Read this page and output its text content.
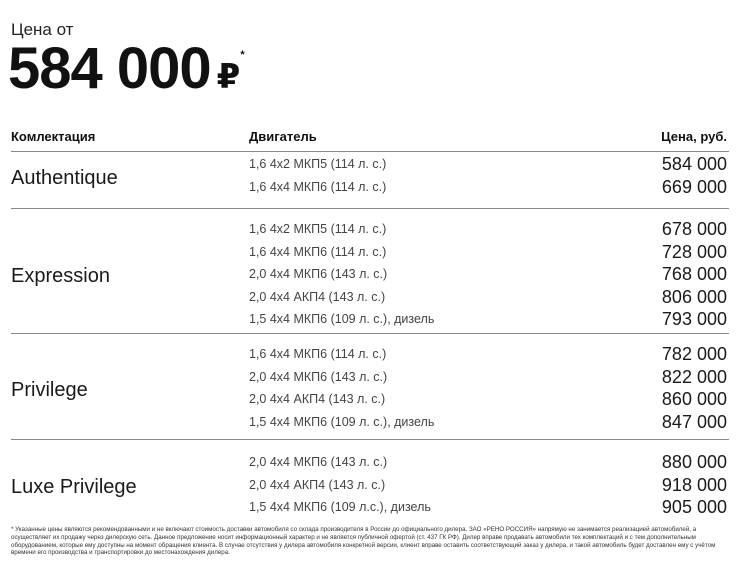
Цена от
584 000 ₽*
Комлектация	Двигатель	Цена, руб.
Authentique
1,6 4x2 МКП5 (114 л. с.)	584 000
1,6 4x4 МКП6 (114 л. с.)	669 000
Expression
1,6 4x2 МКП5 (114 л. с.)	678 000
1,6 4x4 МКП6 (114 л. с.)	728 000
2,0 4x4 МКП6 (143 л. с.)	768 000
2,0 4x4 АКП4 (143 л. с.)	806 000
1,5 4x4 МКП6 (109 л. с.), дизель	793 000
Privilege
1,6 4x4 МКП6 (114 л. с.)	782 000
2,0 4x4 МКП6 (143 л. с.)	822 000
2,0 4x4 АКП4 (143 л. с.)	860 000
1,5 4x4 МКП6 (109 л. с.), дизель	847 000
Luxe Privilege
2,0 4x4 МКП6 (143 л. с.)	880 000
2,0 4x4 АКП4 (143 л. с.)	918 000
1,5 4x4 МКП6 (109 л.с.), дизель	905 000
* Указанные цены являются рекомендованными и не включают стоимость доставки автомобиля со склада производителя в России до официального дилера. ЗАО «РЕНО РОССИЯ» напрямую не занимается реализацией автомобилей, а осуществляет их продажу через дилерскую сеть. Данное предложение носит информационный характер и не является публичной офертой (ст. 437 ГК РФ). Дилер вправе продавать автомобили тех комплектаций и с тем дополнительным оборудованием, которые ему доступны на момент обращения клиента. В случае отсутствия у дилера автомобиля конкретной версии, клиент вправе оставить соответствующий заказ у дилера, и такой автомобиль будет доставлен ему с учётом времени его производства и транспортировки до местонахождения дилера.
